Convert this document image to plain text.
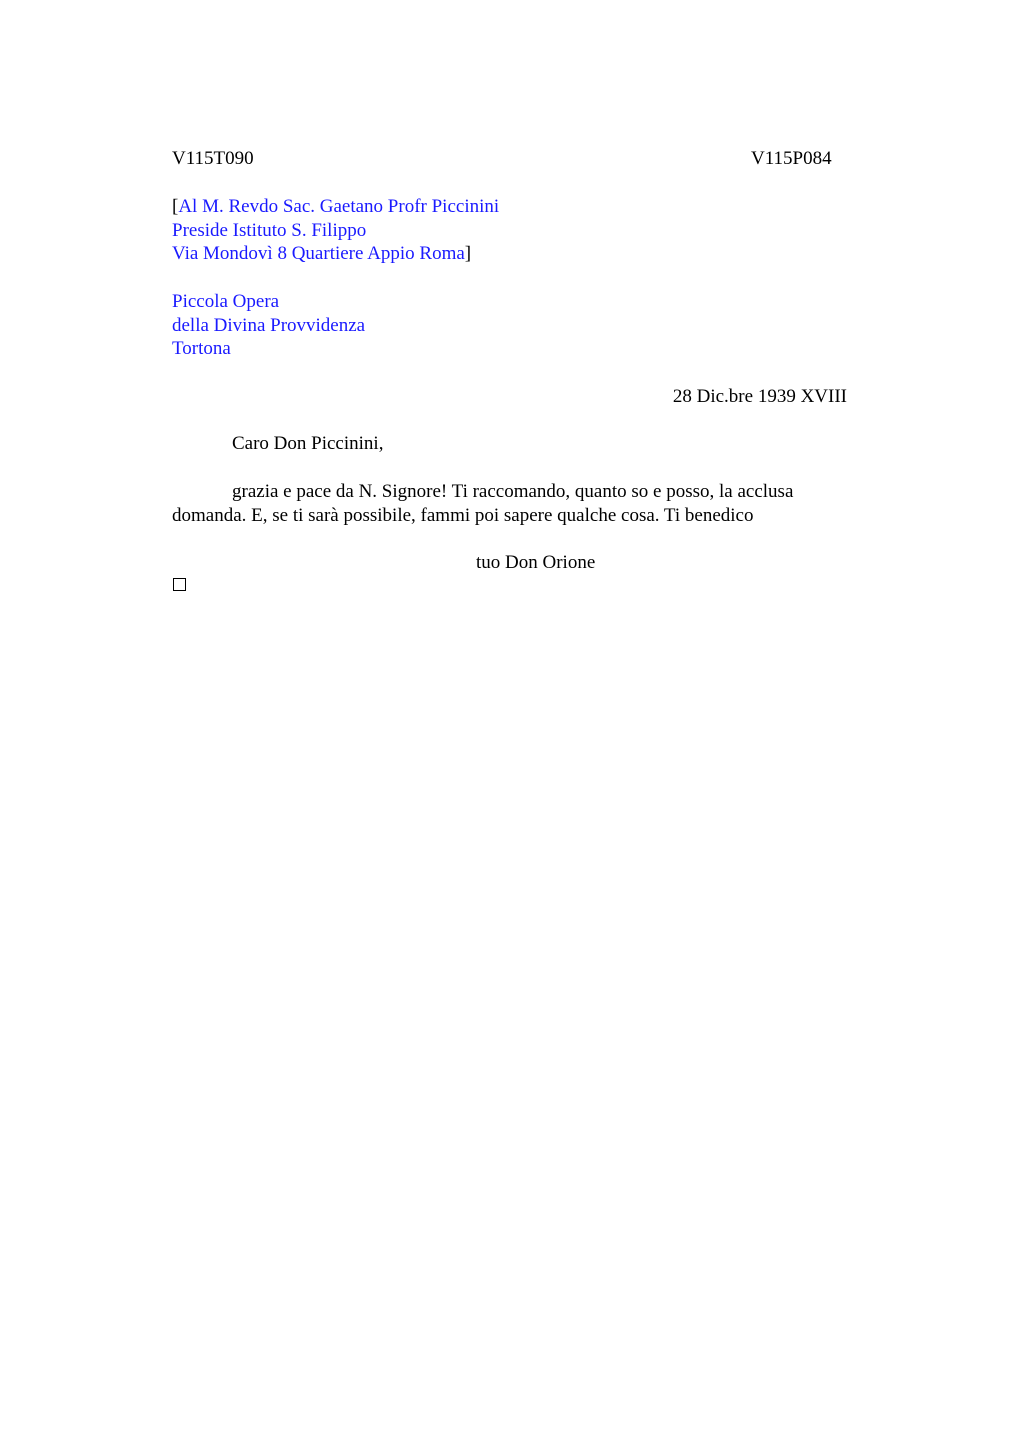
V115T090	V115P084
[Al M. Revdo Sac. Gaetano Profr Piccinini
Preside Istituto S. Filippo
Via Mondovì 8 Quartiere Appio Roma]
Piccola Opera
della Divina Provvidenza
Tortona
28 Dic.bre 1939 XVIII
Caro Don Piccinini,
grazia e pace da N. Signore! Ti raccomando, quanto so e posso, la acclusa
domanda. E, se ti sarà possibile, fammi poi sapere qualche cosa. Ti benedico
tuo Don Orione
